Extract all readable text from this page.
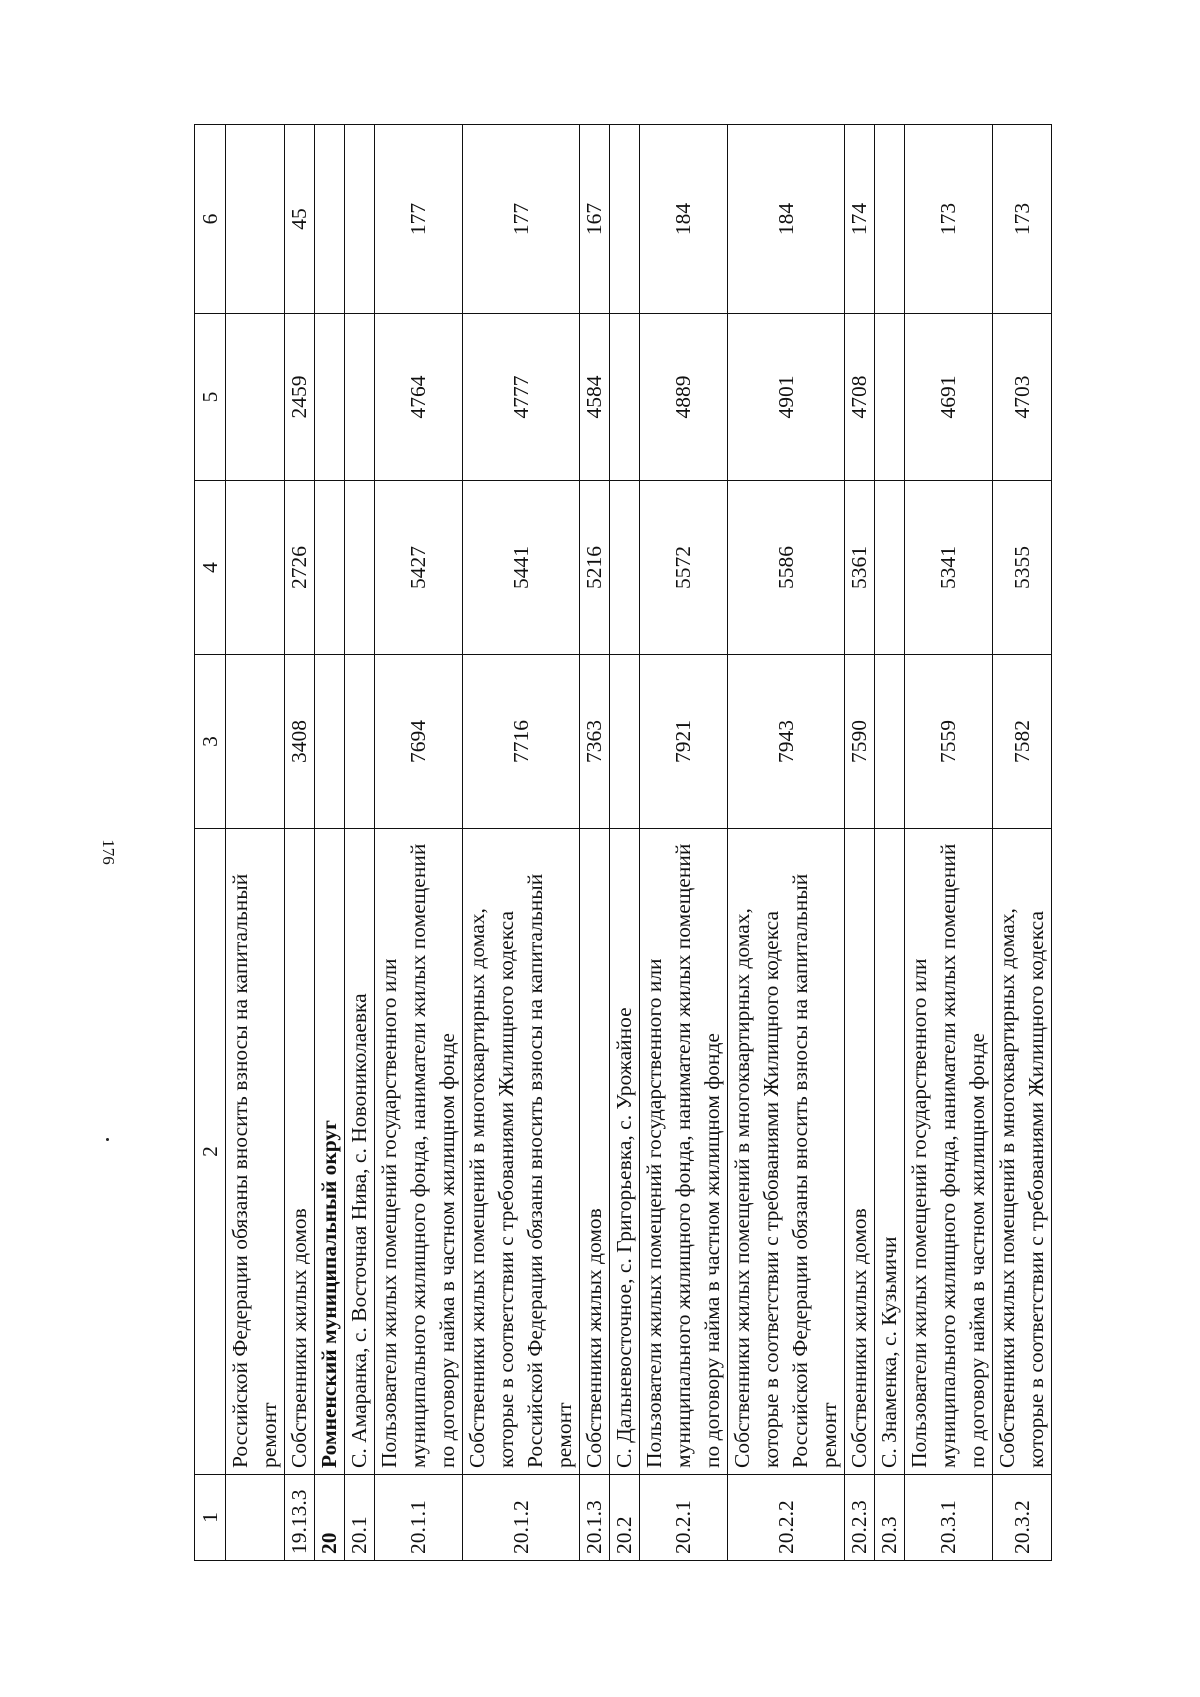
176
1	2	3	4	5	6
	Российской Федерации обязаны вносить взносы на капитальный ремонт				
19.13.3	Собственники жилых домов	3408	2726	2459	45
20	Ромненский муниципальный округ				
20.1	С. Амаранка, с. Восточная Нива, с. Новониколаевка				
20.1.1	Пользователи жилых помещений государственного или муниципального жилищного фонда, наниматели жилых помещений по договору найма в частном жилищном фонде	7694	5427	4764	177
20.1.2	Собственники жилых помещений в многоквартирных домах, которые в соответствии с требованиями Жилищного кодекса Российской Федерации обязаны вносить взносы на капитальный ремонт	7716	5441	4777	177
20.1.3	Собственники жилых домов	7363	5216	4584	167
20.2	С. Дальневосточное, с. Григорьевка, с. Урожайное				
20.2.1	Пользователи жилых помещений государственного или муниципального жилищного фонда, наниматели жилых помещений по договору найма в частном жилищном фонде	7921	5572	4889	184
20.2.2	Собственники жилых помещений в многоквартирных домах, которые в соответствии с требованиями Жилищного кодекса Российской Федерации обязаны вносить взносы на капитальный ремонт	7943	5586	4901	184
20.2.3	Собственники жилых домов	7590	5361	4708	174
20.3	С. Знаменка, с. Кузьмичи				
20.3.1	Пользователи жилых помещений государственного или муниципального жилищного фонда, наниматели жилых помещений по договору найма в частном жилищном фонде	7559	5341	4691	173
20.3.2	Собственники жилых помещений в многоквартирных домах, которые в соответствии с требованиями Жилищного кодекса	7582	5355	4703	173
